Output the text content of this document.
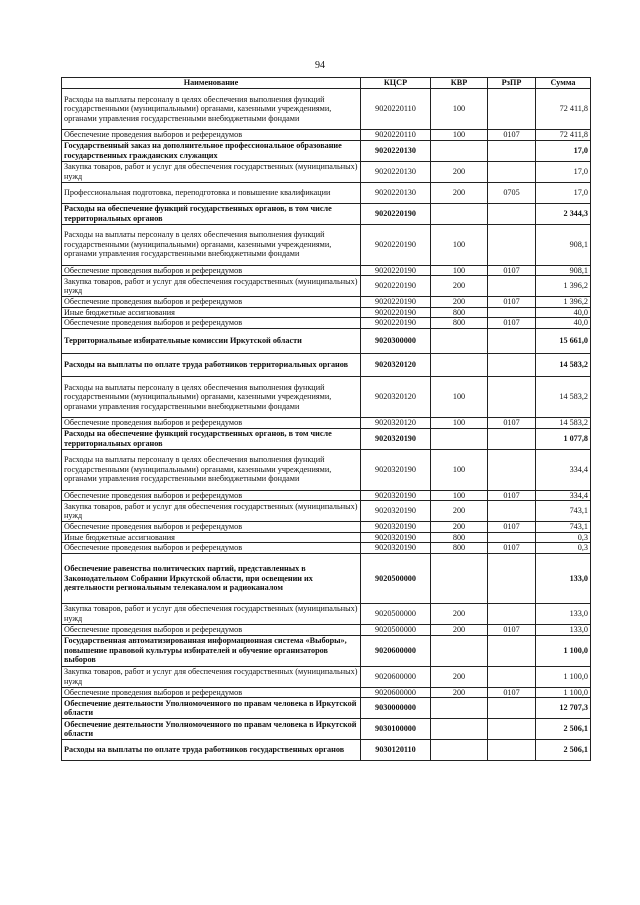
94
Наименование	КЦСР	КВР	РзПР	Сумма
Расходы на выплаты персоналу в целях обеспечения выполнения функций государственными (муниципальными) органами, казенными учреждениями, органами управления государственными внебюджетными фондами	9020220110	100		72 411,8
Обеспечение проведения выборов и референдумов	9020220110	100	0107	72 411,8
Государственный заказ на дополнительное профессиональное образование государственных гражданских служащих	9020220130			17,0
Закупка товаров, работ и услуг для обеспечения государственных (муниципальных) нужд	9020220130	200		17,0
Профессиональная подготовка, переподготовка и повышение квалификации	9020220130	200	0705	17,0
Расходы на обеспечение функций государственных органов, в том числе территориальных органов	9020220190			2 344,3
Расходы на выплаты персоналу в целях обеспечения выполнения функций государственными (муниципальными) органами, казенными учреждениями, органами управления государственными внебюджетными фондами	9020220190	100		908,1
Обеспечение проведения выборов и референдумов	9020220190	100	0107	908,1
Закупка товаров, работ и услуг для обеспечения государственных (муниципальных) нужд	9020220190	200		1 396,2
Обеспечение проведения выборов и референдумов	9020220190	200	0107	1 396,2
Иные бюджетные ассигнования	9020220190	800		40,0
Обеспечение проведения выборов и референдумов	9020220190	800	0107	40,0
Территориальные избирательные комиссии Иркутской области	9020300000			15 661,0
Расходы на выплаты по оплате труда работников территориальных органов	9020320120			14 583,2
Расходы на выплаты персоналу в целях обеспечения выполнения функций государственными (муниципальными) органами, казенными учреждениями, органами управления государственными внебюджетными фондами	9020320120	100		14 583,2
Обеспечение проведения выборов и референдумов	9020320120	100	0107	14 583,2
Расходы на обеспечение функций государственных органов, в том числе территориальных органов	9020320190			1 077,8
Расходы на выплаты персоналу в целях обеспечения выполнения функций государственными (муниципальными) органами, казенными учреждениями, органами управления государственными внебюджетными фондами	9020320190	100		334,4
Обеспечение проведения выборов и референдумов	9020320190	100	0107	334,4
Закупка товаров, работ и услуг для обеспечения государственных (муниципальных) нужд	9020320190	200		743,1
Обеспечение проведения выборов и референдумов	9020320190	200	0107	743,1
Иные бюджетные ассигнования	9020320190	800		0,3
Обеспечение проведения выборов и референдумов	9020320190	800	0107	0,3
Обеспечение равенства политических партий, представленных в Законодательном Собрании Иркутской области, при освещении их деятельности региональным телеканалом и радиоканалом	9020500000			133,0
Закупка товаров, работ и услуг для обеспечения государственных (муниципальных) нужд	9020500000	200		133,0
Обеспечение проведения выборов и референдумов	9020500000	200	0107	133,0
Государственная автоматизированная информационная система «Выборы», повышение правовой культуры избирателей и обучение организаторов выборов	9020600000			1 100,0
Закупка товаров, работ и услуг для обеспечения государственных (муниципальных) нужд	9020600000	200		1 100,0
Обеспечение проведения выборов и референдумов	9020600000	200	0107	1 100,0
Обеспечение деятельности Уполномоченного по правам человека в Иркутской области	9030000000			12 707,3
Обеспечение деятельности Уполномоченного по правам человека в Иркутской области	9030100000			2 506,1
Расходы на выплаты по оплате труда работников государственных органов	9030120110			2 506,1
